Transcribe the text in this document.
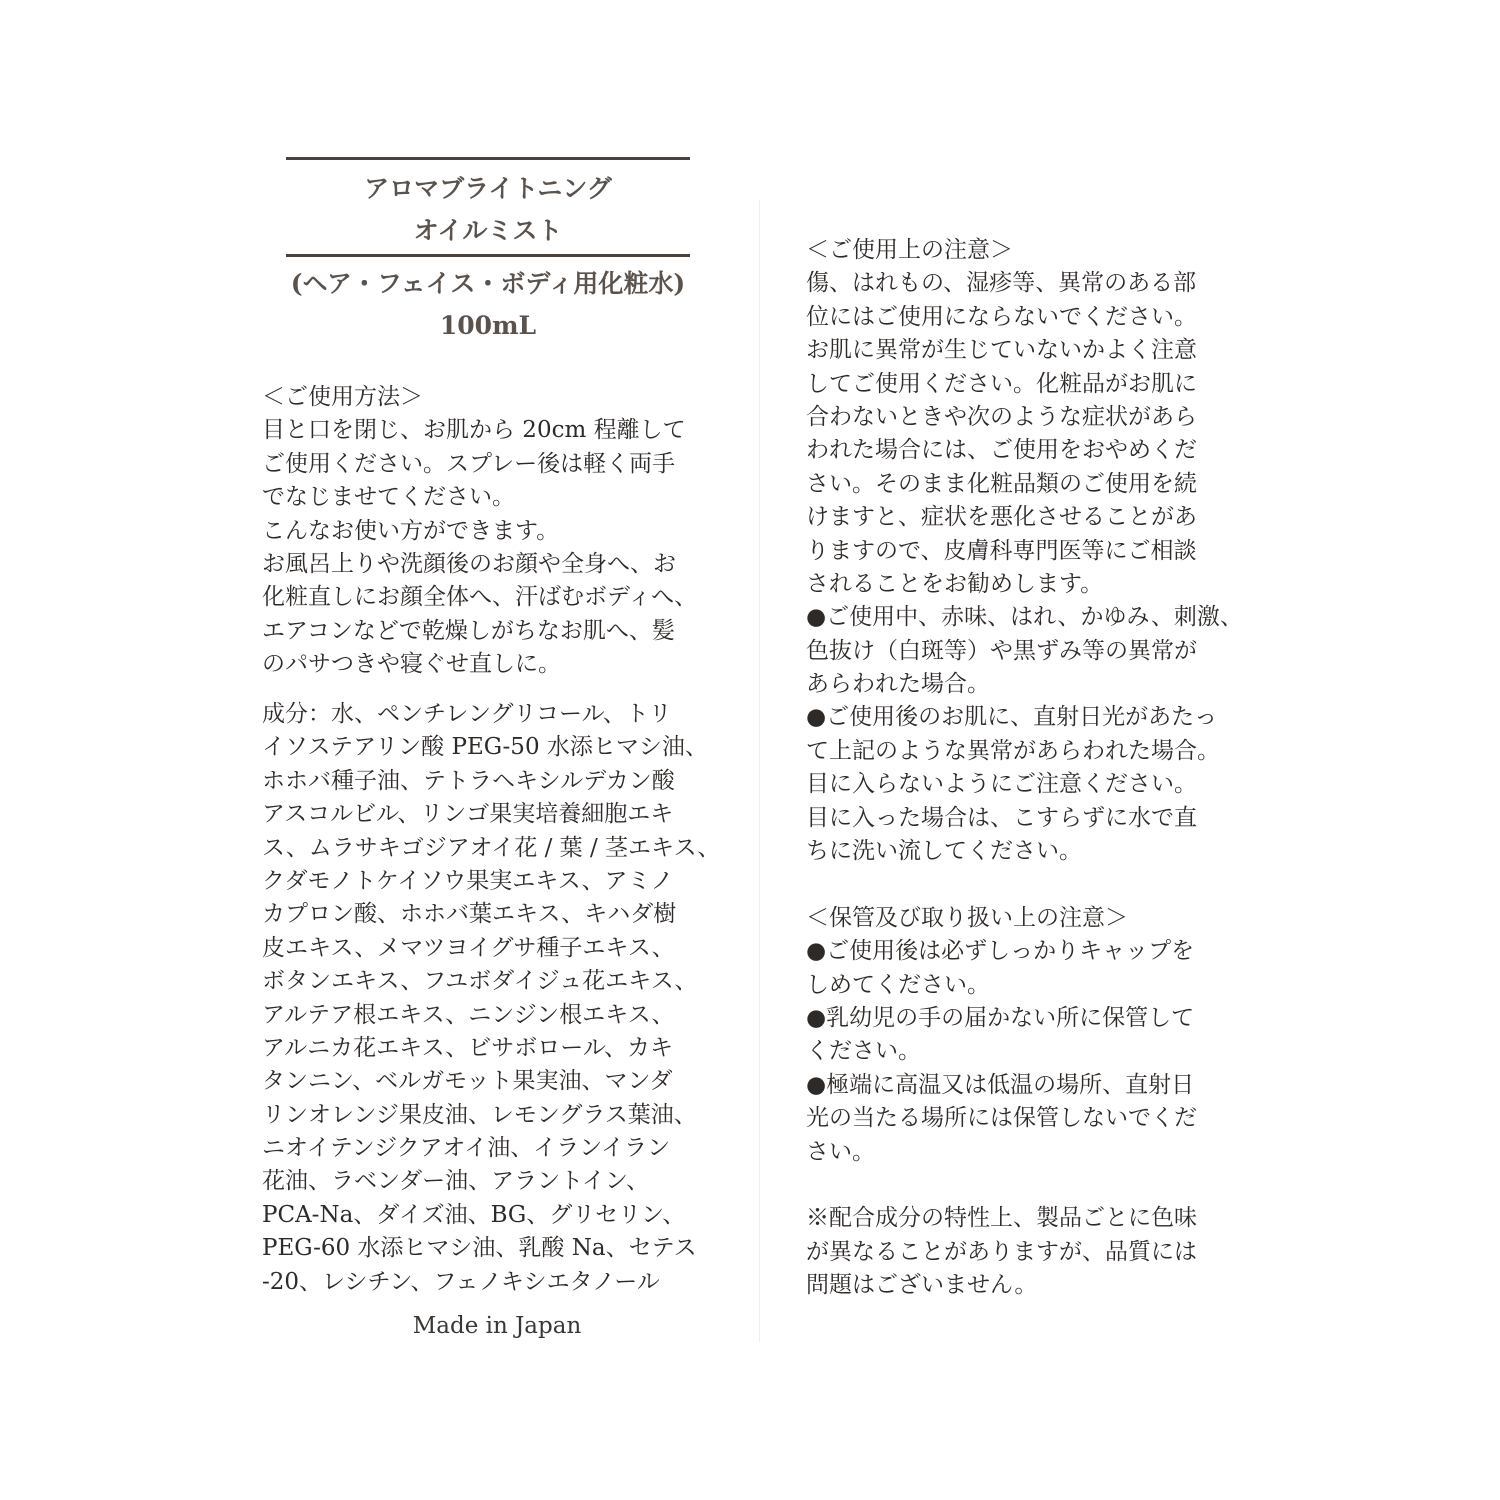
アロマブライトニング
オイルミスト
(ヘア・フェイス・ボディ用化粧水)
100mL
＜ご使用方法＞
目と口を閉じ、お肌から 20cm 程離して
ご使用ください。スプレー後は軽く両手
でなじませてください。
こんなお使い方ができます。
お風呂上りや洗顔後のお顔や全身へ、お
化粧直しにお顔全体へ、汗ばむボディへ、
エアコンなどで乾燥しがちなお肌へ、髪
のパサつきや寝ぐせ直しに。
成分：水、ペンチレングリコール、トリ
イソステアリン酸 PEG-50 水添ヒマシ油、
ホホバ種子油、テトラヘキシルデカン酸
アスコルビル、リンゴ果実培養細胞エキ
ス、ムラサキゴジアオイ花 / 葉 / 茎エキス、
クダモノトケイソウ果実エキス、アミノ
カプロン酸、ホホバ葉エキス、キハダ樹
皮エキス、メマツヨイグサ種子エキス、
ボタンエキス、フユボダイジュ花エキス、
アルテア根エキス、ニンジン根エキス、
アルニカ花エキス、ビサボロール、カキ
タンニン、ベルガモット果実油、マンダ
リンオレンジ果皮油、レモングラス葉油、
ニオイテンジクアオイ油、イランイラン
花油、ラベンダー油、アラントイン、
PCA-Na、ダイズ油、BG、グリセリン、
PEG-60 水添ヒマシ油、乳酸 Na、セテス
-20、レシチン、フェノキシエタノール
Made in Japan
＜ご使用上の注意＞
傷、はれもの、湿疹等、異常のある部
位にはご使用にならないでください。
お肌に異常が生じていないかよく注意
してご使用ください。化粧品がお肌に
合わないときや次のような症状があら
われた場合には、ご使用をおやめくだ
さい。そのまま化粧品類のご使用を続
けますと、症状を悪化させることがあ
りますので、皮膚科専門医等にご相談
されることをお勧めします。
●ご使用中、赤味、はれ、かゆみ、刺激、
色抜け（白斑等）や黒ずみ等の異常が
あらわれた場合。
●ご使用後のお肌に、直射日光があたっ
て上記のような異常があらわれた場合。
目に入らないようにご注意ください。
目に入った場合は、こすらずに水で直
ちに洗い流してください。
＜保管及び取り扱い上の注意＞
●ご使用後は必ずしっかりキャップを
しめてください。
●乳幼児の手の届かない所に保管して
ください。
●極端に高温又は低温の場所、直射日
光の当たる場所には保管しないでくだ
さい。
※配合成分の特性上、製品ごとに色味
が異なることがありますが、品質には
問題はございません。
